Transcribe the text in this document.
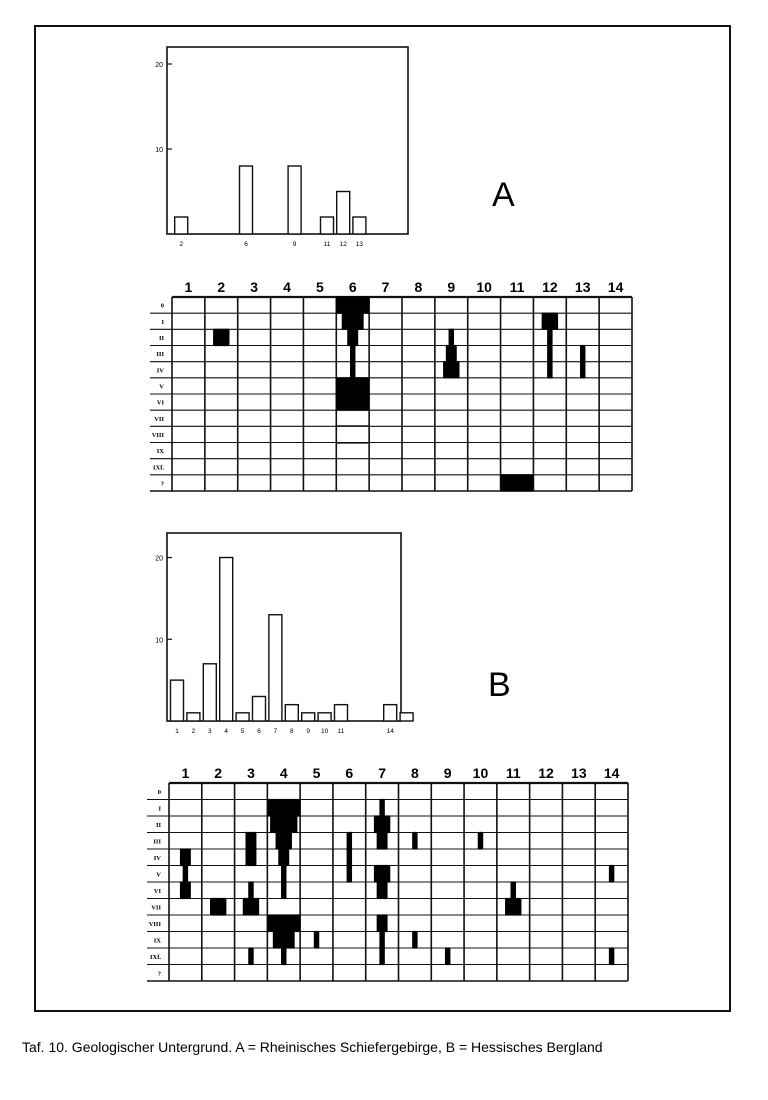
10
20
2	6	9	11 12 13
1 2 3 4 5 6 7 8 9 10 11 12 13 14
0
I
II
III
IV
V
VI
VII
VIII
IX
IXf.
?
10
20
1 2 3 4 5 6 7 8 9 10 11	14
1 2 3 4 5 6 7 8 9 10 11 12 13 14
0
I
II
III
IV
V
VI
VII
VIII
IX
IXf.
?
A
B
Taf. 10. Geologischer Untergrund. A = Rheinisches Schiefergebirge, B = Hessisches Bergland
